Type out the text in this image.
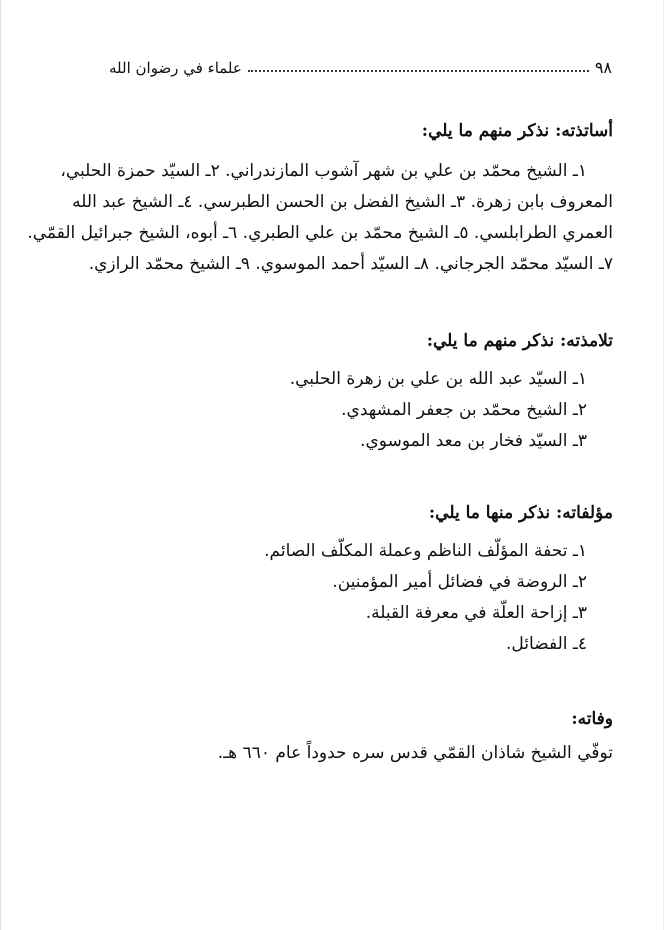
علماء في رضوان الله	٩٨

أساتذته: نذكر منهم ما يلي:

١ـ الشيخ محمّد بن علي بن شهر آشوب المازندراني. ٢ـ السيّد حمزة الحلبي،
المعروف بابن زهرة. ٣ـ الشيخ الفضل بن الحسن الطبرسي. ٤ـ الشيخ عبد الله
العمري الطرابلسي. ٥ـ الشيخ محمّد بن علي الطبري. ٦ـ أبوه، الشيخ جبرائيل القمّي.
٧ـ السيّد محمّد الجرجاني. ٨ـ السيّد أحمد الموسوي. ٩ـ الشيخ محمّد الرازي.

تلامذته: نذكر منهم ما يلي:

١ـ السيّد عبد الله بن علي بن زهرة الحلبي.
٢ـ الشيخ محمّد بن جعفر المشهدي.
٣ـ السيّد فخار بن معد الموسوي.

مؤلفاته: نذكر منها ما يلي:

١ـ تحفة المؤلّف الناظم وعملة المكلّف الصائم.
٢ـ الروضة في فضائل أمير المؤمنين.
٣ـ إزاحة العلّة في معرفة القبلة.
٤ـ الفضائل.

وفاته:

توفّي الشيخ شاذان القمّي قدس سره حدوداً عام ٦٦٠ هـ.
